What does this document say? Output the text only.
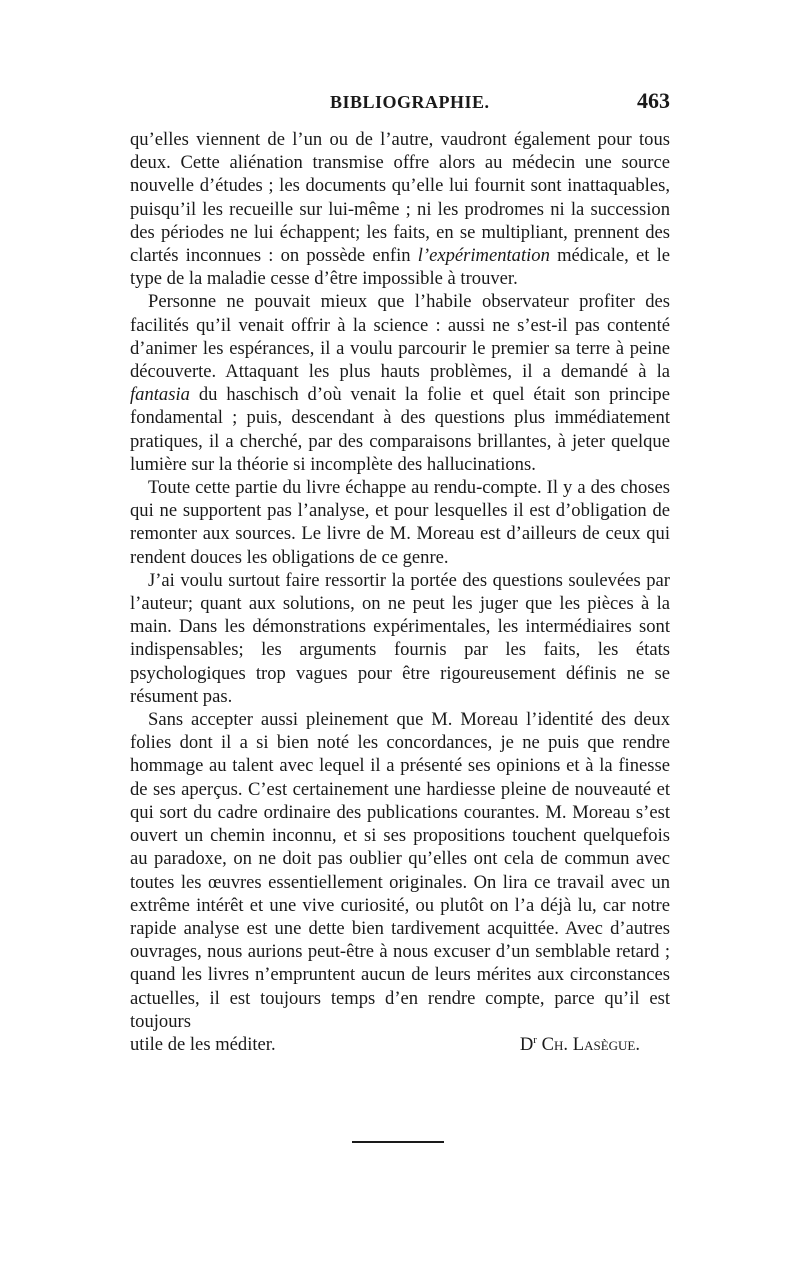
BIBLIOGRAPHIE.	463

qu’elles viennent de l’un ou de l’autre, vaudront également pour tous deux. Cette aliénation transmise offre alors au médecin une source nouvelle d’études ; les documents qu’elle lui fournit sont inattaquables, puisqu’il les recueille sur lui-même ; ni les prodromes ni la succession des périodes ne lui échappent; les faits, en se multipliant, prennent des clartés inconnues : on possède enfin l’expérimentation médicale, et le type de la maladie cesse d’être impossible à trouver.

Personne ne pouvait mieux que l’habile observateur profiter des facilités qu’il venait offrir à la science : aussi ne s’est-il pas contenté d’animer les espérances, il a voulu parcourir le premier sa terre à peine découverte. Attaquant les plus hauts problèmes, il a demandé à la fantasia du haschisch d’où venait la folie et quel était son principe fondamental ; puis, descendant à des questions plus immédiatement pratiques, il a cherché, par des comparaisons brillantes, à jeter quelque lumière sur la théorie si incomplète des hallucinations.

Toute cette partie du livre échappe au rendu-compte. Il y a des choses qui ne supportent pas l’analyse, et pour lesquelles il est d’obligation de remonter aux sources. Le livre de M. Moreau est d’ailleurs de ceux qui rendent douces les obligations de ce genre.

J’ai voulu surtout faire ressortir la portée des questions soulevées par l’auteur; quant aux solutions, on ne peut les juger que les pièces à la main. Dans les démonstrations expérimentales, les intermédiaires sont indispensables; les arguments fournis par les faits, les états psychologiques trop vagues pour être rigoureusement définis ne se résument pas.

Sans accepter aussi pleinement que M. Moreau l’identité des deux folies dont il a si bien noté les concordances, je ne puis que rendre hommage au talent avec lequel il a présenté ses opinions et à la finesse de ses aperçus. C’est certainement une hardiesse pleine de nouveauté et qui sort du cadre ordinaire des publications courantes. M. Moreau s’est ouvert un chemin inconnu, et si ses propositions touchent quelquefois au paradoxe, on ne doit pas oublier qu’elles ont cela de commun avec toutes les œuvres essentiellement originales. On lira ce travail avec un extrême intérêt et une vive curiosité, ou plutôt on l’a déjà lu, car notre rapide analyse est une dette bien tardivement acquittée. Avec d’autres ouvrages, nous aurions peut-être à nous excuser d’un semblable retard ; quand les livres n’empruntent aucun de leurs mérites aux circonstances actuelles, il est toujours temps d’en rendre compte, parce qu’il est toujours

utile de les méditer.	$D^r$ Ch. Lasègue.
